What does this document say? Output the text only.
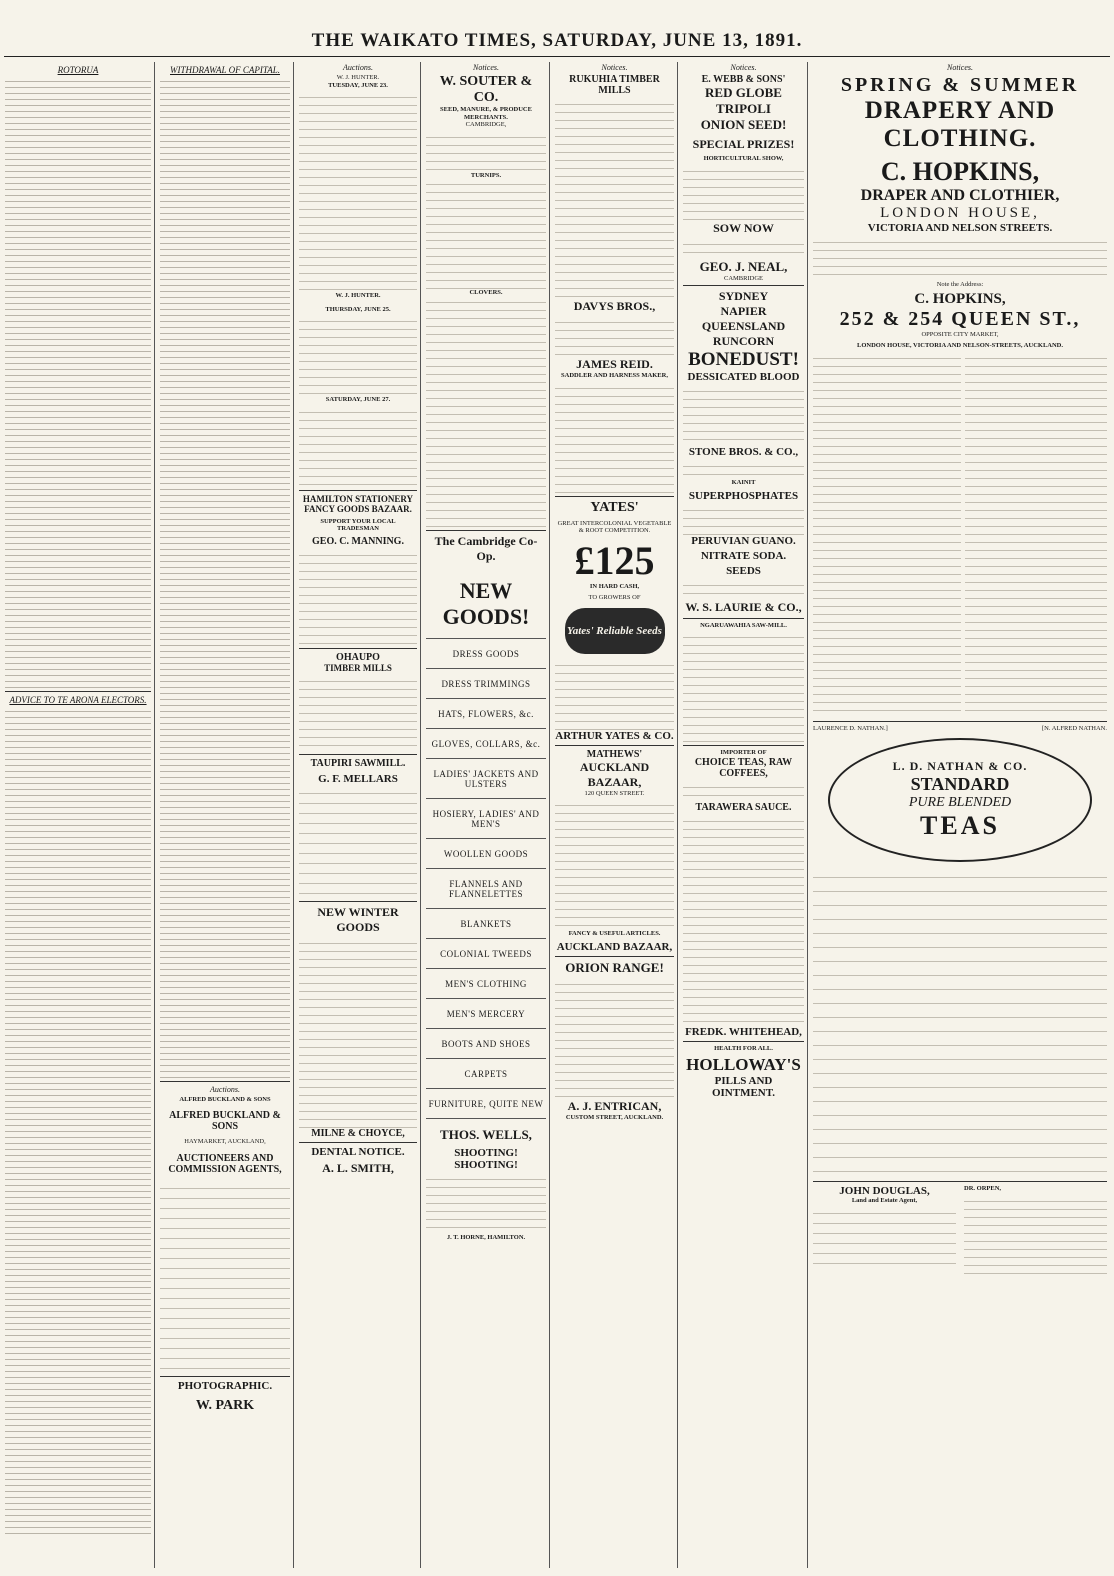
THE WAIKATO TIMES, SATURDAY, JUNE 13, 1891.
ROTORUA
ADVICE TO TE ARONA ELECTORS.
WITHDRAWAL OF CAPITAL.
Auctions.
ALFRED BUCKLAND & SONS
ALFRED BUCKLAND & SONS
HAYMARKET, AUCKLAND,
AUCTIONEERS AND COMMISSION AGENTS,
PHOTOGRAPHIC.
W. PARK
Auctions.
W. J. HUNTER.
TUESDAY, JUNE 23.
W. J. HUNTER.
THURSDAY, JUNE 25.
SATURDAY, JUNE 27.
HAMILTON STATIONERY
FANCY GOODS BAZAAR.
SUPPORT YOUR LOCAL TRADESMAN
GEO. C. MANNING.
OHAUPO
TIMBER MILLS
TAUPIRI SAWMILL.
G. F. MELLARS
NEW WINTER GOODS
MILNE & CHOYCE,
DENTAL NOTICE.
A. L. SMITH,
Notices.
W. SOUTER & CO.
SEED, MANURE, & PRODUCE MERCHANTS.
CAMBRIDGE,
TURNIPS.
CLOVERS.
The Cambridge Co-Op.
NEW GOODS!
DRESS GOODS
DRESS TRIMMINGS
HATS, FLOWERS, &c.
GLOVES, COLLARS, &c.
LADIES' JACKETS AND ULSTERS
HOSIERY, LADIES' AND MEN'S
WOOLLEN GOODS
FLANNELS AND FLANNELETTES
BLANKETS
COLONIAL TWEEDS
MEN'S CLOTHING
MEN'S MERCERY
BOOTS AND SHOES
CARPETS
FURNITURE, QUITE NEW
THOS. WELLS,
SHOOTING! SHOOTING!
J. T. HORNE, HAMILTON.
Notices.
RUKUHIA TIMBER MILLS
DAVYS BROS.,
JAMES REID.
SADDLER AND HARNESS MAKER,
YATES'
GREAT INTERCOLONIAL VEGETABLE & ROOT COMPETITION.
£125
IN HARD CASH,
TO GROWERS OF
Yates' Reliable Seeds
ARTHUR YATES & CO.
MATHEWS'
AUCKLAND BAZAAR,
120 QUEEN STREET.
FANCY & USEFUL ARTICLES.
AUCKLAND BAZAAR,
ORION RANGE!
A. J. ENTRICAN,
CUSTOM STREET, AUCKLAND.
Notices.
E. WEBB & SONS'
RED GLOBE
TRIPOLI
ONION SEED!
SPECIAL PRIZES!
HORTICULTURAL SHOW,
SOW NOW
GEO. J. NEAL,
CAMBRIDGE
SYDNEY
NAPIER
QUEENSLAND
RUNCORN
BONEDUST!
DESSICATED BLOOD
STONE BROS. & CO.,
KAINIT
SUPERPHOSPHATES
PERUVIAN GUANO.
NITRATE SODA.
SEEDS
W. S. LAURIE & CO.,
NGARUAWAHIA SAW-MILL.
IMPORTER OF
CHOICE TEAS, RAW COFFEES,
TARAWERA SAUCE.
FREDK. WHITEHEAD,
HEALTH FOR ALL.
HOLLOWAY'S
PILLS AND OINTMENT.
Notices.
SPRING & SUMMER
DRAPERY AND CLOTHING.
C. HOPKINS,
DRAPER AND CLOTHIER,
LONDON HOUSE,
VICTORIA AND NELSON STREETS.
Note the Address:
C. HOPKINS,
252 & 254 QUEEN ST.,
OPPOSITE CITY MARKET,
LONDON HOUSE, VICTORIA AND NELSON-STREETS, AUCKLAND.
LAURENCE D. NATHAN.]	[N. ALFRED NATHAN.
L. D. NATHAN & CO.
STANDARD
PURE BLENDED
TEAS
JOHN DOUGLAS,
Land and Estate Agent,
DR. ORPEN,
